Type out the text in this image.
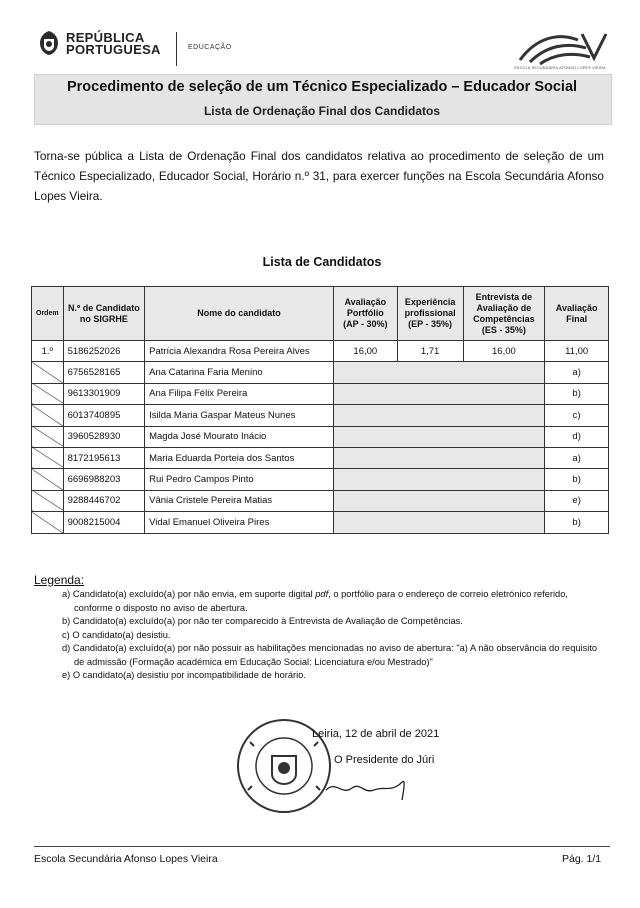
REPÚBLICA
PORTUGUESA	EDUCAÇÃO
ESCOLA SECUNDÁRIA AFONSO LOPES VIEIRA
Procedimento de seleção de um Técnico Especializado – Educador Social
Lista de Ordenação Final dos Candidatos
Torna-se pública a Lista de Ordenação Final dos candidatos relativa ao procedimento de seleção de um Técnico Especializado, Educador Social, Horário n.º 31, para exercer funções na Escola Secundária Afonso Lopes Vieira.
Lista de Candidatos
Ordem	N.º de Candidato no SIGRHE	Nome do candidato	Avaliação Portfólio (AP - 30%)	Experiência profissional (EP - 35%)	Entrevista de Avaliação de Competências (ES - 35%)	Avaliação Final
1.º	5186252026	Patrícia Alexandra Rosa Pereira Alves	16,00	1,71	16,00	11,00
	6756528165	Ana Catarina Faria Menino				a)
	9613301909	Ana Filipa Félix Pereira				b)
	6013740895	Isilda Maria Gaspar Mateus Nunes				c)
	3960528930	Magda José Mourato Inácio				d)
	8172195613	Maria Eduarda Porteia dos Santos				a)
	6696988203	Rui Pedro Campos Pinto				b)
	9288446702	Vânia Cristele Pereira Matias				e)
	9008215004	Vidal Emanuel Oliveira Pires				b)
Legenda:
a) Candidato(a) excluído(a) por não envia, em suporte digital pdf, o portfólio para o endereço de correio eletrónico referido, conforme o disposto no aviso de abertura.
b) Candidato(a) excluído(a) por não ter comparecido à Entrevista de Avaliação de Competências.
c) O candidato(a) desistiu.
d) Candidato(a) excluído(a) por não possuir as habilitações mencionadas no aviso de abertura: "a) A não observância do requisito de admissão (Formação académica em Educação Social: Licenciatura e/ou Mestrado)"
e) O candidato(a) desistiu por incompatibilidade de horário.
Leiria, 12 de abril de 2021
O Presidente do Júri
Escola Secundária Afonso Lopes Vieira	Pág. 1/1
